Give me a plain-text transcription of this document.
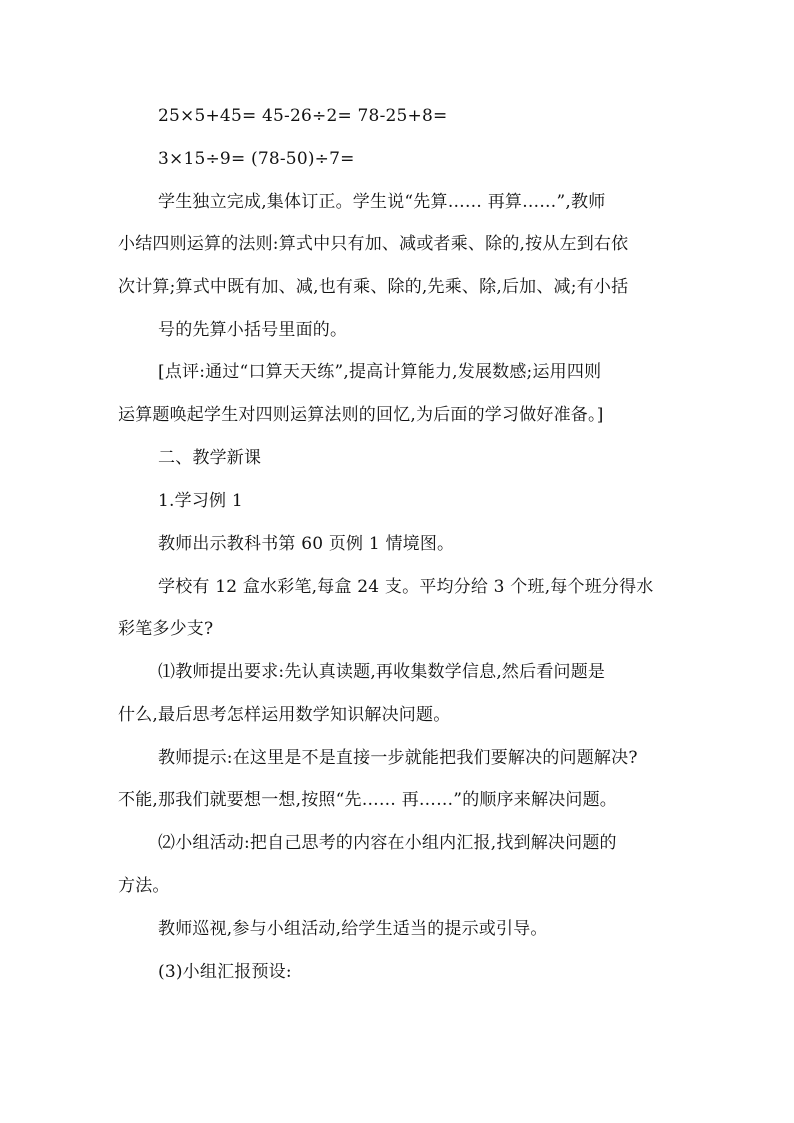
25×5+45= 45-26÷2= 78-25+8=
3×15÷9= (78-50)÷7=
学生独立完成,集体订正。学生说“先算…… 再算……”,教师
小结四则运算的法则:算式中只有加、减或者乘、除的,按从左到右依
次计算;算式中既有加、减,也有乘、除的,先乘、除,后加、减;有小括
号的先算小括号里面的。
[点评:通过“口算天天练”,提高计算能力,发展数感;运用四则
运算题唤起学生对四则运算法则的回忆,为后面的学习做好准备。]
二、教学新课
1.学习例 1
教师出示教科书第 60 页例 1 情境图。
学校有 12 盒水彩笔,每盒 24 支。平均分给 3 个班,每个班分得水
彩笔多少支?
⑴教师提出要求:先认真读题,再收集数学信息,然后看问题是
什么,最后思考怎样运用数学知识解决问题。
教师提示:在这里是不是直接一步就能把我们要解决的问题解决?
不能,那我们就要想一想,按照“先…… 再……”的顺序来解决问题。
⑵小组活动:把自己思考的内容在小组内汇报,找到解决问题的
方法。
教师巡视,参与小组活动,给学生适当的提示或引导。
(3)小组汇报预设:
